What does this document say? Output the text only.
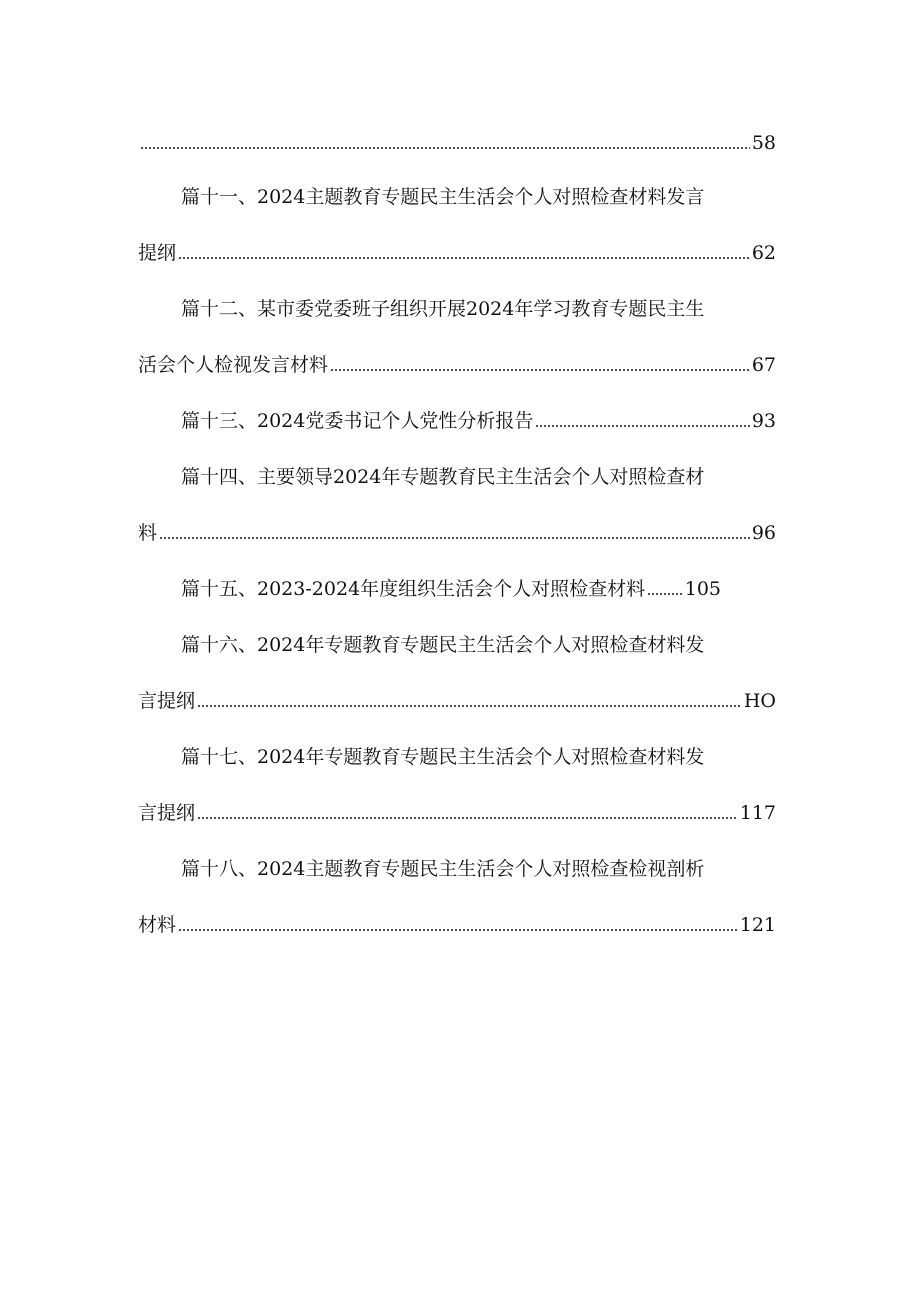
58
篇十一、2024主题教育专题民主生活会个人对照检查材料发言
提纲	62
篇十二、某市委党委班子组织开展2024年学习教育专题民主生
活会个人检视发言材料	67
篇十三、2024党委书记个人党性分析报告	93
篇十四、主要领导2024年专题教育民主生活会个人对照检查材
料	96
篇十五、2023-2024年度组织生活会个人对照检查材料 105
篇十六、2024年专题教育专题民主生活会个人对照检查材料发
言提纲	HO
篇十七、2024年专题教育专题民主生活会个人对照检查材料发
言提纲	117
篇十八、2024主题教育专题民主生活会个人对照检查检视剖析
材料	121
